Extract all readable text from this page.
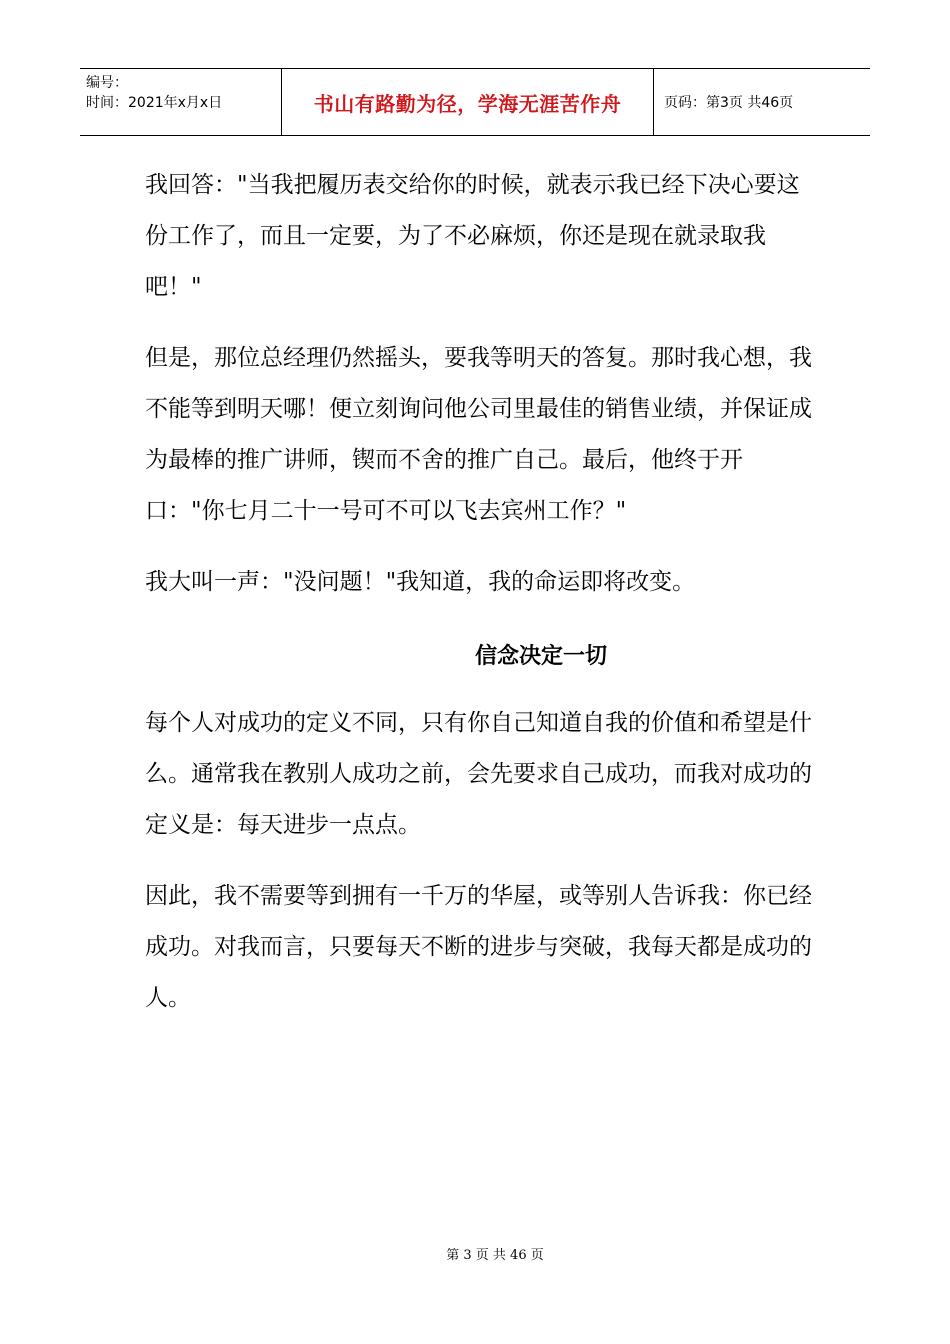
编号：
时间：2021年x月x日	书山有路勤为径，学海无涯苦作舟	页码：第3页 共46页

我回答："当我把履历表交给你的时候，就表示我已经下决心要这份工作了，而且一定要，为了不必麻烦，你还是现在就录取我吧！"

但是，那位总经理仍然摇头，要我等明天的答复。那时我心想，我不能等到明天哪！便立刻询问他公司里最佳的销售业绩，并保证成为最棒的推广讲师，锲而不舍的推广自己。最后，他终于开口："你七月二十一号可不可以飞去宾州工作？"

我大叫一声："没问题！"我知道，我的命运即将改变。

信念决定一切

每个人对成功的定义不同，只有你自己知道自我的价值和希望是什么。通常我在教别人成功之前，会先要求自己成功，而我对成功的定义是：每天进步一点点。

因此，我不需要等到拥有一千万的华屋，或等别人告诉我：你已经成功。对我而言，只要每天不断的进步与突破，我每天都是成功的人。

第 3 页 共 46 页
